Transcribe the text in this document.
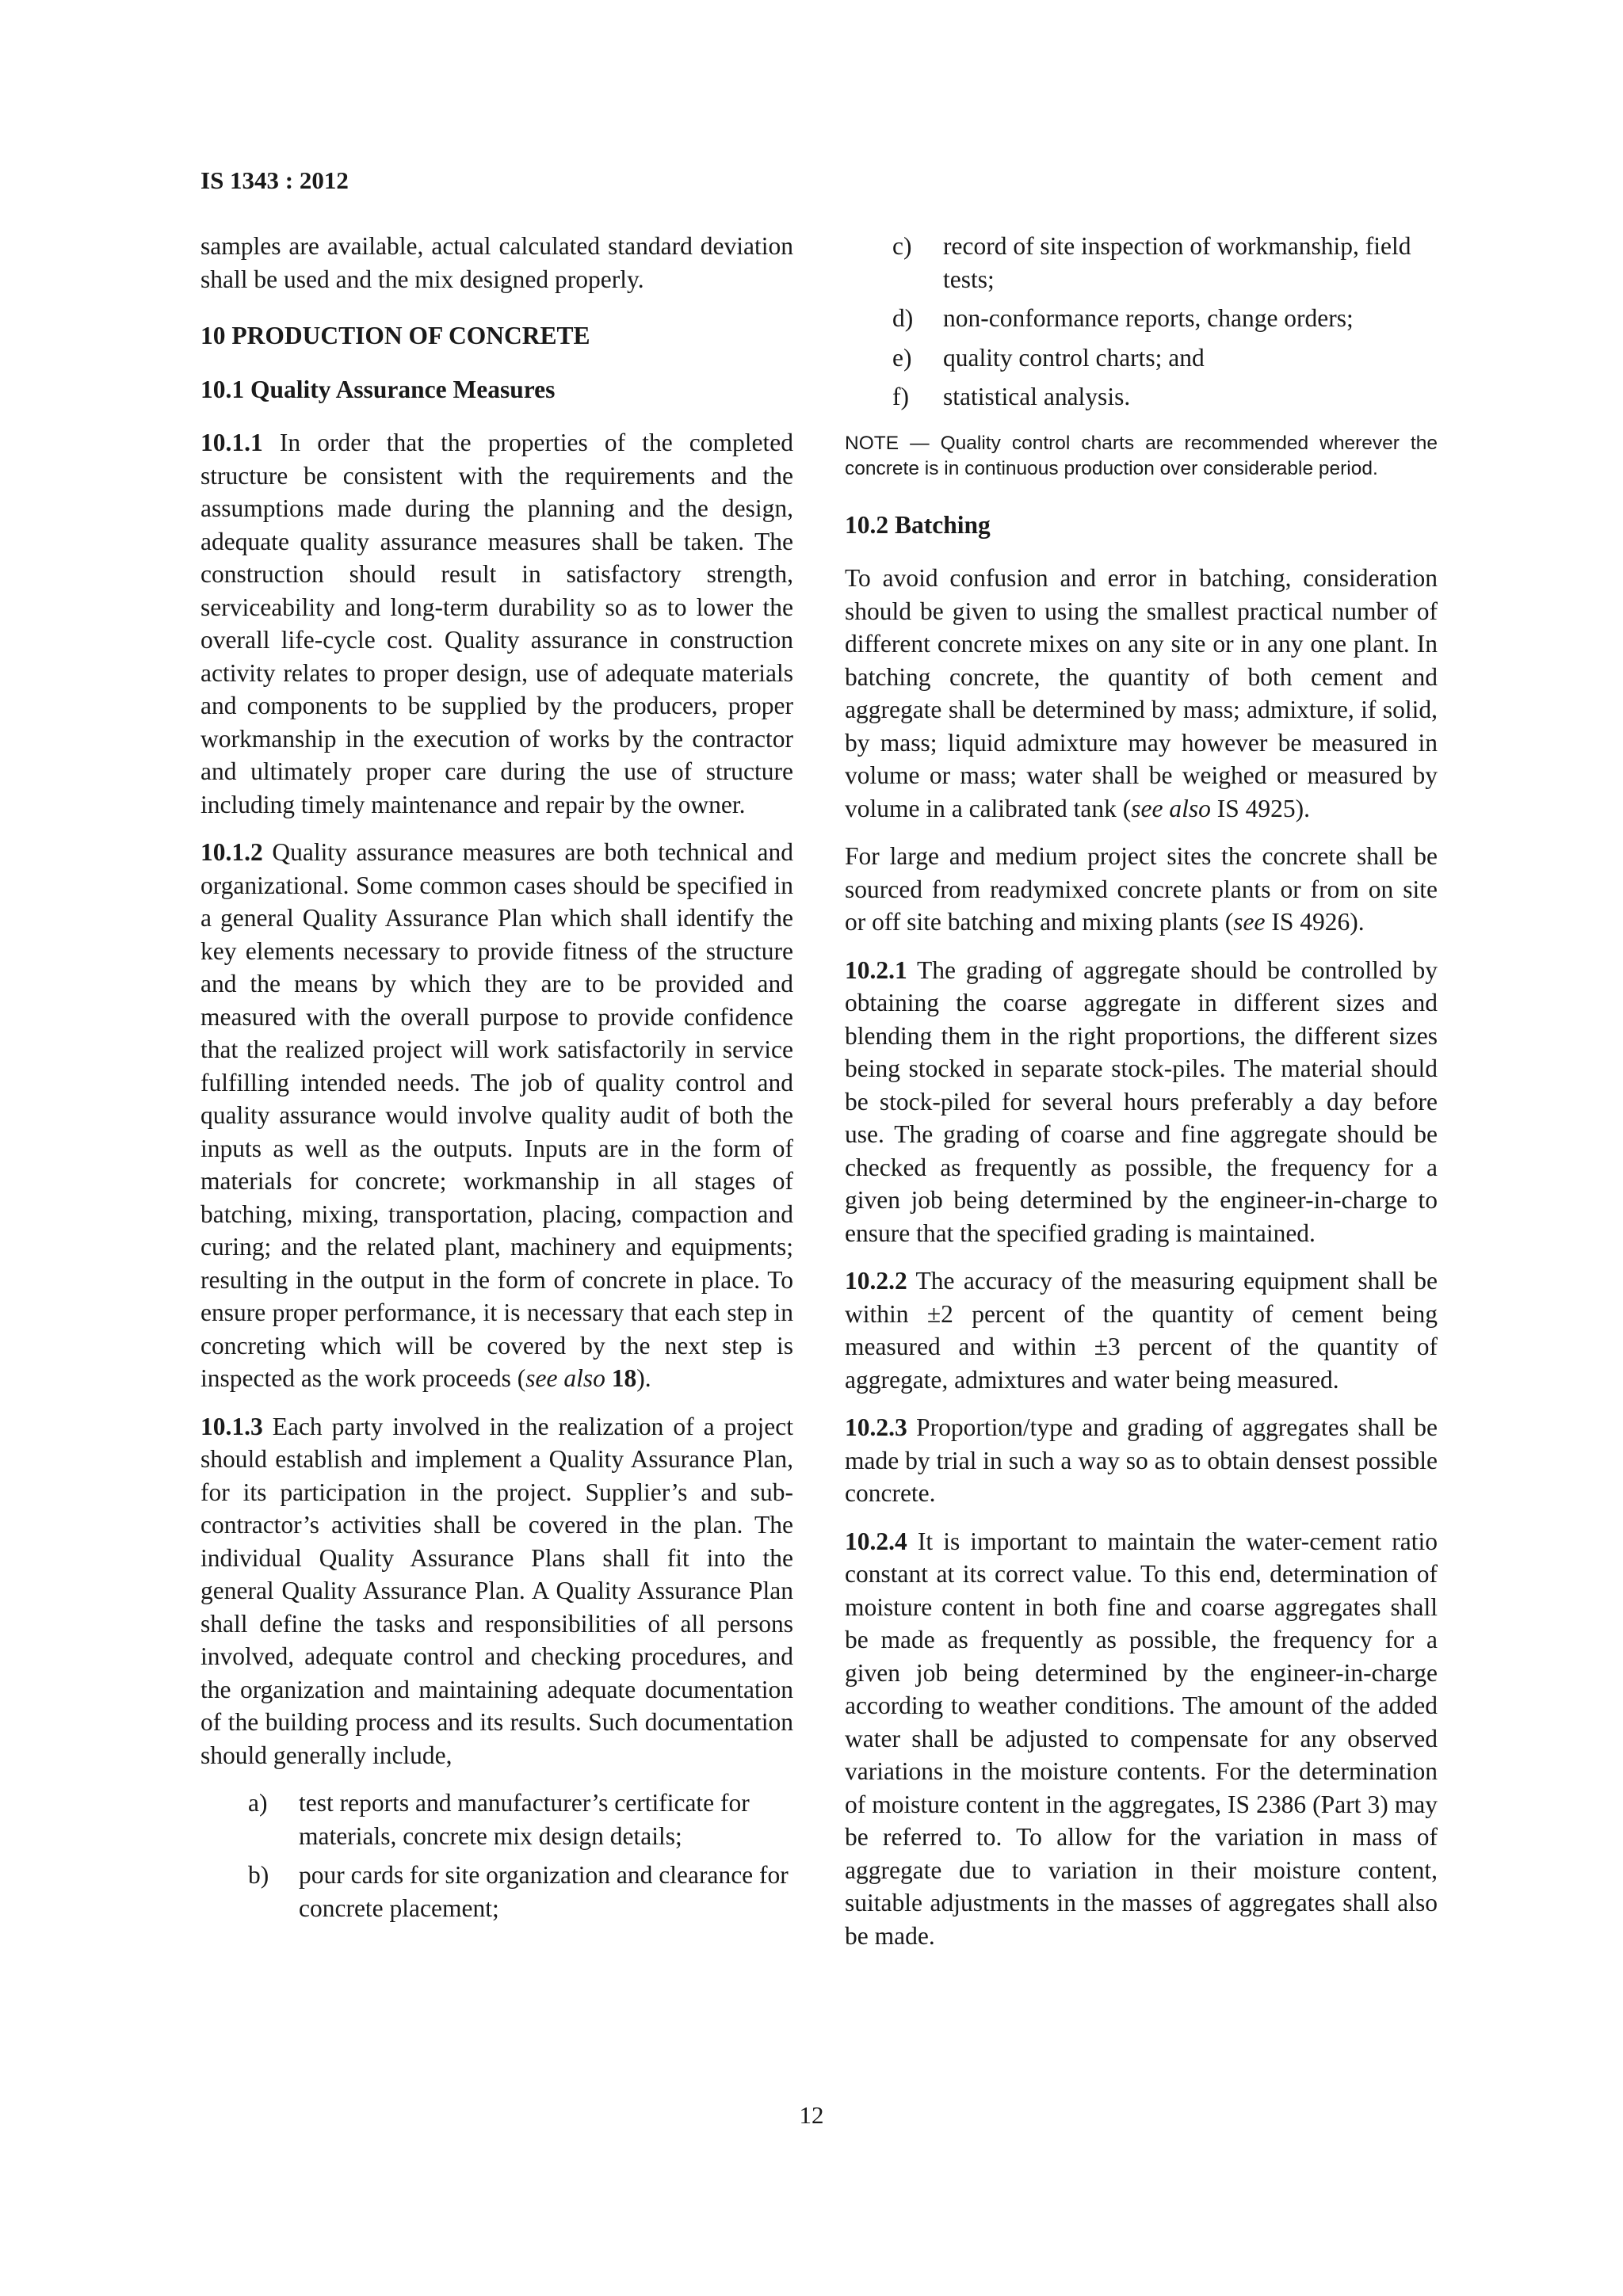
IS 1343 : 2012

samples are available, actual calculated standard deviation shall be used and the mix designed properly.

10 PRODUCTION OF CONCRETE
10.1 Quality Assurance Measures

10.1.1 In order that the properties of the completed structure be consistent with the requirements and the assumptions made during the planning and the design, adequate quality assurance measures shall be taken. The construction should result in satisfactory strength, serviceability and long-term durability so as to lower the overall life-cycle cost. Quality assurance in construction activity relates to proper design, use of adequate materials and components to be supplied by the producers, proper workmanship in the execution of works by the contractor and ultimately proper care during the use of structure including timely maintenance and repair by the owner.

10.1.2 Quality assurance measures are both technical and organizational. Some common cases should be specified in a general Quality Assurance Plan which shall identify the key elements necessary to provide fitness of the structure and the means by which they are to be provided and measured with the overall purpose to provide confidence that the realized project will work satisfactorily in service fulfilling intended needs. The job of quality control and quality assurance would involve quality audit of both the inputs as well as the outputs. Inputs are in the form of materials for concrete; workmanship in all stages of batching, mixing, transportation, placing, compaction and curing; and the related plant, machinery and equipments; resulting in the output in the form of concrete in place. To ensure proper performance, it is necessary that each step in concreting which will be covered by the next step is inspected as the work proceeds (see also 18).

10.1.3 Each party involved in the realization of a project should establish and implement a Quality Assurance Plan, for its participation in the project. Supplier’s and sub-contractor’s activities shall be covered in the plan. The individual Quality Assurance Plans shall fit into the general Quality Assurance Plan. A Quality Assurance Plan shall define the tasks and responsibilities of all persons involved, adequate control and checking procedures, and the organization and maintaining adequate documentation of the building process and its results. Such documentation should generally include,

a)	test reports and manufacturer’s certificate for materials, concrete mix design details;
b)	pour cards for site organization and clearance for concrete placement;
c)	record of site inspection of workmanship, field tests;
d)	non-conformance reports, change orders;
e)	quality control charts; and
f)	statistical analysis.
NOTE — Quality control charts are recommended wherever the concrete is in continuous production over considerable period.
10.2 Batching

To avoid confusion and error in batching, consideration should be given to using the smallest practical number of different concrete mixes on any site or in any one plant. In batching concrete, the quantity of both cement and aggregate shall be determined by mass; admixture, if solid, by mass; liquid admixture may however be measured in volume or mass; water shall be weighed or measured by volume in a calibrated tank (see also IS 4925).

For large and medium project sites the concrete shall be sourced from readymixed concrete plants or from on site or off site batching and mixing plants (see IS 4926).

10.2.1 The grading of aggregate should be controlled by obtaining the coarse aggregate in different sizes and blending them in the right proportions, the different sizes being stocked in separate stock-piles. The material should be stock-piled for several hours preferably a day before use. The grading of coarse and fine aggregate should be checked as frequently as possible, the frequency for a given job being determined by the engineer-in-charge to ensure that the specified grading is maintained.

10.2.2 The accuracy of the measuring equipment shall be within ±2 percent of the quantity of cement being measured and within ±3 percent of the quantity of aggregate, admixtures and water being measured.

10.2.3 Proportion/type and grading of aggregates shall be made by trial in such a way so as to obtain densest possible concrete.

10.2.4 It is important to maintain the water-cement ratio constant at its correct value. To this end, determination of moisture content in both fine and coarse aggregates shall be made as frequently as possible, the frequency for a given job being determined by the engineer-in-charge according to weather conditions. The amount of the added water shall be adjusted to compensate for any observed variations in the moisture contents. For the determination of moisture content in the aggregates, IS 2386 (Part 3) may be referred to. To allow for the variation in mass of aggregate due to variation in their moisture content, suitable adjustments in the masses of aggregates shall also be made.

12
